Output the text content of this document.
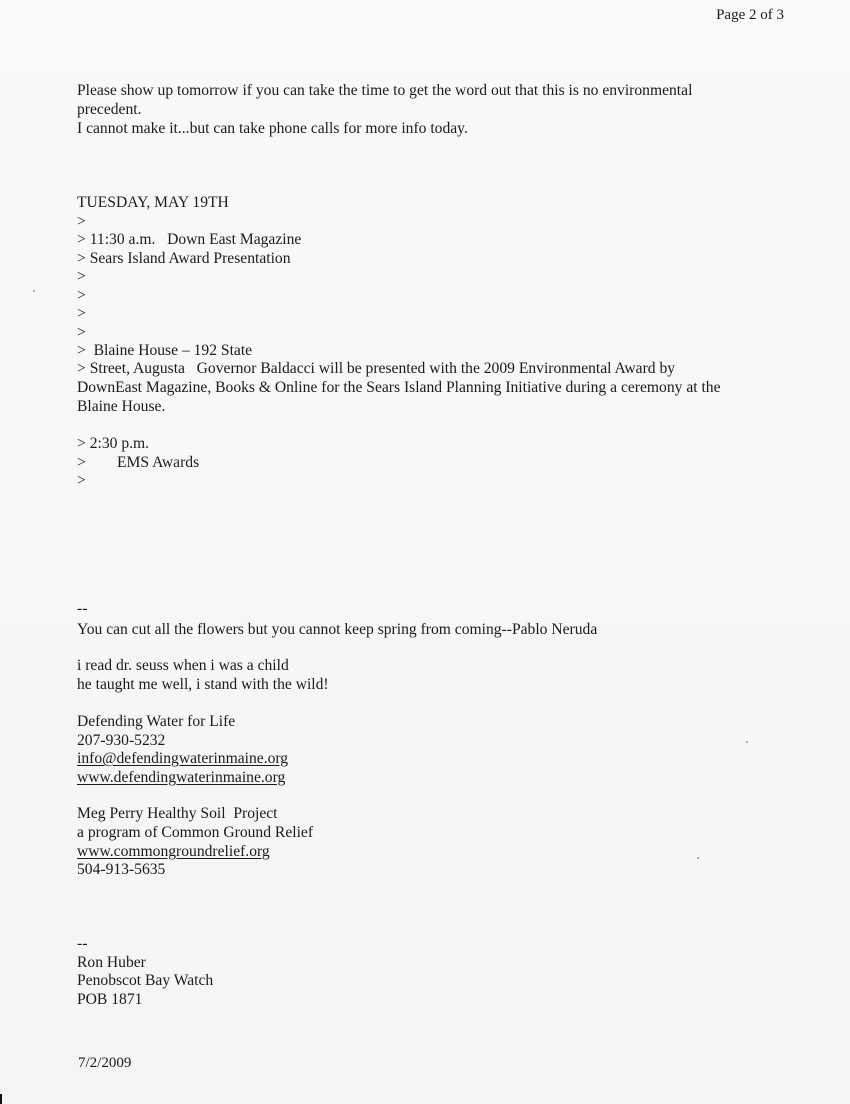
Page 2 of 3
Please show up tomorrow if you can take the time to get the word out that this is no environmental
precedent.
I cannot make it...but can take phone calls for more info today.
TUESDAY, MAY 19TH
>
> 11:30 a.m.   Down East Magazine
> Sears Island Award Presentation
>
>
>
>
>  Blaine House – 192 State
> Street, Augusta   Governor Baldacci will be presented with the 2009 Environmental Award by
DownEast Magazine, Books & Online for the Sears Island Planning Initiative during a ceremony at the
Blaine House.
> 2:30 p.m.
>        EMS Awards
>
--
You can cut all the flowers but you cannot keep spring from coming--Pablo Neruda
i read dr. seuss when i was a child
he taught me well, i stand with the wild!
Defending Water for Life
207-930-5232
info@defendingwaterinmaine.org
www.defendingwaterinmaine.org
Meg Perry Healthy Soil  Project
a program of Common Ground Relief
www.commongroundrelief.org
504-913-5635
--
Ron Huber
Penobscot Bay Watch
POB 1871
7/2/2009
